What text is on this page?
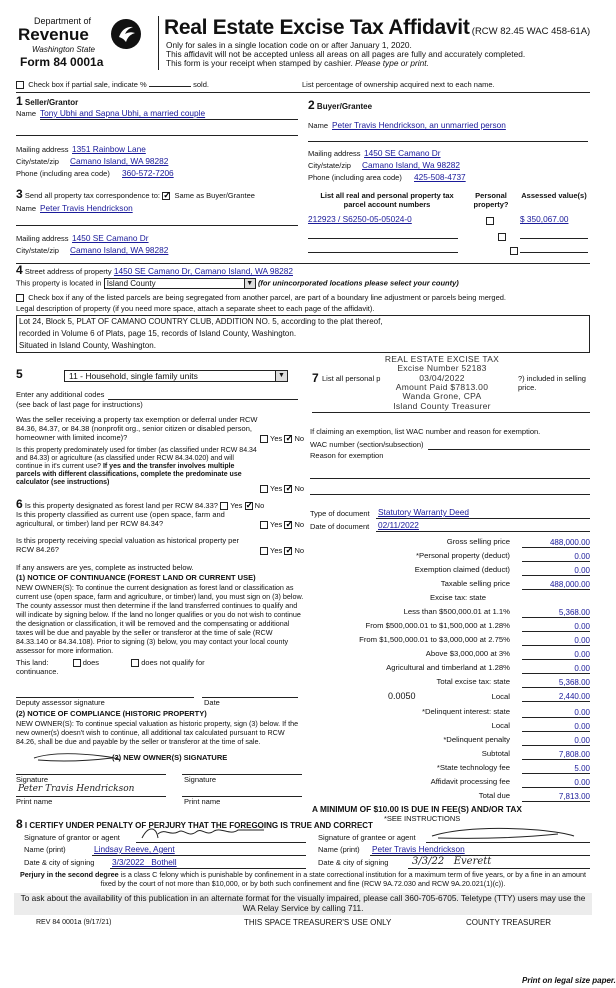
Department of
Revenue
Washington State
Form 84 0001a
Real Estate Excise Tax Affidavit (RCW 82.45 WAC 458-61A)
Only for sales in a single location code on or after January 1, 2020.
This affidavit will not be accepted unless all areas on all pages are fully and accurately completed.
This form is your receipt when stamped by cashier. Please type or print.
Check box if partial sale, indicate %	sold.	List percentage of ownership acquired next to each name.
1 Seller/Grantor
Name Tony Ubhi and Sapna Ubhi, a married couple
Mailing address 1351 Rainbow Lane
City/state/zip Camano Island, WA 98282
Phone (including area code) 360-572-7206
2 Buyer/Grantee
Name Peter Travis Hendrickson, an unmarried person
Mailing address 1450 SE Camano Dr
City/state/zip Camano Island, Wa 98282
Phone (including area code) 425-508-4737
3 Send all property tax correspondence to: ✓ Same as Buyer/Grantee
Name Peter Travis Hendrickson
Mailing address 1450 SE Camano Dr
City/state/zip Camano Island, WA 98282
List all real and personal property tax parcel account numbers
Personal property?
Assessed value(s)
212923 / S6250-05-05024-0
	$ 350,067.00

4 Street address of property 1450 SE Camano Dr, Camano Island, WA 98282
This property is located in Island County	▼ (for unincorporated locations please select your county)
Check box if any of the listed parcels are being segregated from another parcel, are part of a boundary line adjustment or parcels being merged.
Legal description of property (if you need more space, attach a separate sheet to each page of the affidavit).
Lot 24, Block 5, PLAT OF CAMANO COUNTRY CLUB, ADDITION NO. 5, according to the plat thereof,
recorded in Volume 6 of Plats, page 15, records of Island County, Washington.
Situated in Island County, Washington.
REAL ESTATE EXCISE TAX
Excise Number 52183
03/04/2022
Amount Paid $7813.00
Wanda Grone, CPA
Island County Treasurer
5	11 - Household, single family units	▼
Enter any additional codes
(see back of last page for instructions)
Was the seller receiving a property tax exemption or deferral under RCW 84.36, 84.37, or 84.38 (nonprofit org., senior citizen or disabled person, homeowner with limited income)?	Yes ✓ No
Is this property predominately used for timber (as classified under RCW 84.34 and 84.33) or agriculture (as classified under RCW 84.34.020) and will continue in it's current use? If yes and the transfer involves multiple parcels with different classifications, complete the predominate use calculator (see instructions)
Yes ✓ No
6 Is this property designated as forest land per RCW 84.33? Yes ✓ No
Is this property classified as current use (open space, farm and agricultural, or timber) land per RCW 84.34?	Yes ✓ No
Is this property receiving special valuation as historical property per RCW 84.26?	Yes ✓ No
If any answers are yes, complete as instructed below.
(1) NOTICE OF CONTINUANCE (FOREST LAND OR CURRENT USE)
NEW OWNER(S): To continue the current designation as forest land or classification as current use (open space, farm and agriculture, or timber) land, you must sign on (3) below. The county assessor must then determine if the land transferred continues to qualify and will indicate by signing below. If the land no longer qualifies or you do not wish to continue the designation or classification, it will be removed and the compensating or additional taxes will be due and payable by the seller or transferor at the time of sale (RCW 84.33.140 or 84.34.108). Prior to signing (3) below, you may contact your local county assessor for more information.
This land:	does	does not qualify for
continuance.
Deputy assessor signature	Date
(2) NOTICE OF COMPLIANCE (HISTORIC PROPERTY)
NEW OWNER(S): To continue special valuation as historic property, sign (3) below. If the new owner(s) doesn't wish to continue, all additional tax calculated pursuant to RCW 84.26, shall be due and payable by the seller or transferor at the time of sale.
(3) NEW OWNER(S) SIGNATURE
Signature	Signature
Peter Travis Hendrickson
Print name	Print name
7 List all personal p	?) included in selling price.
If claiming an exemption, list WAC number and reason for exemption.
WAC number (section/subsection)
Reason for exemption
Type of document Statutory Warranty Deed
Date of document 02/11/2022
Gross selling price	488,000.00
*Personal property (deduct)	0.00
Exemption claimed (deduct)	0.00
Taxable selling price	488,000.00
Excise tax: state
Less than $500,000.01 at 1.1%	5,368.00
From $500,000.01 to $1,500,000 at 1.28%	0.00
From $1,500,000.01 to $3,000,000 at 2.75%	0.00
Above $3,000,000 at 3%	0.00
Agricultural and timberland at 1.28%	0.00
Total excise tax: state	5,368.00
0.0050	Local	2,440.00
*Delinquent interest: state	0.00
Local	0.00
*Delinquent penalty	0.00
Subtotal	7,808.00
*State technology fee	5.00
Affidavit processing fee	0.00
Total due	7,813.00
A MINIMUM OF $10.00 IS DUE IN FEE(S) AND/OR TAX
*SEE INSTRUCTIONS
8 I CERTIFY UNDER PENALTY OF PERJURY THAT THE FOREGOING IS TRUE AND CORRECT
Signature of grantor or agent
Name (print)	Lindsay Reeve, Agent
Date & city of signing 3/3/2022   Bothell
Signature of grantee or agent
Name (print) Peter Travis Hendrickson
Date & city of signing 3/3/22   Everett
Perjury in the second degree is a class C felony which is punishable by confinement in a state correctional institution for a maximum term of five years, or by a fine in an amount fixed by the court of not more than $10,000, or by both such confinement and fine (RCW 9A.72.030 and RCW 9A.20.021(1)(c)).
To ask about the availability of this publication in an alternate format for the visually impaired, please call 360-705-6705. Teletype (TTY) users may use the WA Relay Service by calling 711.
REV 84 0001a (9/17/21)	THIS SPACE TREASURER'S USE ONLY	COUNTY TREASURER
Print on legal size paper.
